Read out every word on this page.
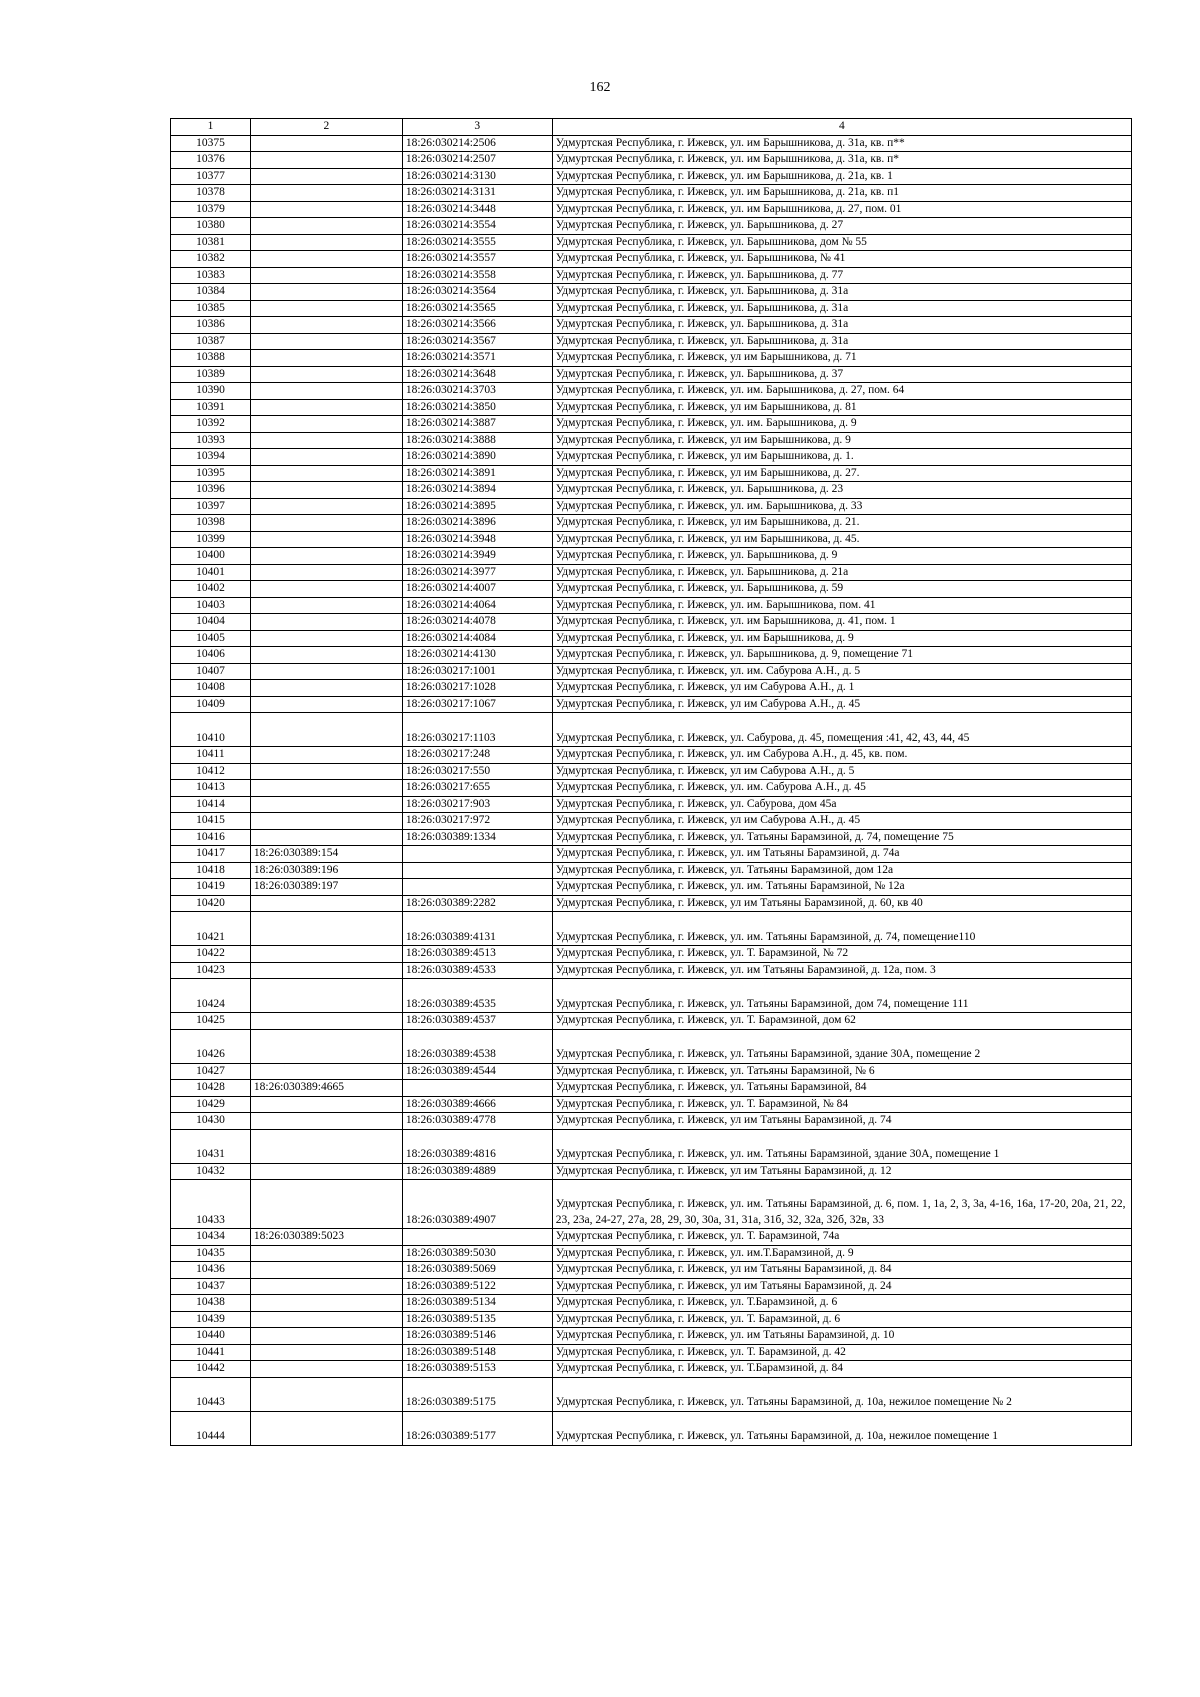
162
1	2	3	4
10375		18:26:030214:2506	Удмуртская Республика, г. Ижевск, ул. им Барышникова, д. 31а, кв. п**
10376		18:26:030214:2507	Удмуртская Республика, г. Ижевск, ул. им Барышникова, д. 31а, кв. п*
10377		18:26:030214:3130	Удмуртская Республика, г. Ижевск, ул. им Барышникова, д. 21а, кв. 1
10378		18:26:030214:3131	Удмуртская Республика, г. Ижевск, ул. им Барышникова, д. 21а, кв. п1
10379		18:26:030214:3448	Удмуртская Республика, г. Ижевск, ул. им Барышникова, д. 27, пом. 01
10380		18:26:030214:3554	Удмуртская Республика, г. Ижевск, ул. Барышникова, д. 27
10381		18:26:030214:3555	Удмуртская Республика, г. Ижевск, ул. Барышникова, дом № 55
10382		18:26:030214:3557	Удмуртская Республика, г. Ижевск, ул. Барышникова, № 41
10383		18:26:030214:3558	Удмуртская Республика, г. Ижевск, ул. Барышникова, д. 77
10384		18:26:030214:3564	Удмуртская Республика, г. Ижевск, ул. Барышникова, д. 31а
10385		18:26:030214:3565	Удмуртская Республика, г. Ижевск, ул. Барышникова, д. 31а
10386		18:26:030214:3566	Удмуртская Республика, г. Ижевск, ул. Барышникова, д. 31а
10387		18:26:030214:3567	Удмуртская Республика, г. Ижевск, ул. Барышникова, д. 31а
10388		18:26:030214:3571	Удмуртская Республика, г. Ижевск, ул им Барышникова, д. 71
10389		18:26:030214:3648	Удмуртская Республика, г. Ижевск, ул. Барышникова, д. 37
10390		18:26:030214:3703	Удмуртская Республика, г. Ижевск, ул. им. Барышникова, д. 27, пом. 64
10391		18:26:030214:3850	Удмуртская Республика, г. Ижевск, ул им Барышникова, д. 81
10392		18:26:030214:3887	Удмуртская Республика, г. Ижевск, ул. им. Барышникова, д. 9
10393		18:26:030214:3888	Удмуртская Республика, г. Ижевск, ул им Барышникова, д. 9
10394		18:26:030214:3890	Удмуртская Республика, г. Ижевск, ул им Барышникова, д. 1.
10395		18:26:030214:3891	Удмуртская Республика, г. Ижевск, ул им Барышникова, д. 27.
10396		18:26:030214:3894	Удмуртская Республика, г. Ижевск, ул. Барышникова, д. 23
10397		18:26:030214:3895	Удмуртская Республика, г. Ижевск, ул. им. Барышникова, д. 33
10398		18:26:030214:3896	Удмуртская Республика, г. Ижевск, ул им Барышникова, д. 21.
10399		18:26:030214:3948	Удмуртская Республика, г. Ижевск, ул им Барышникова, д. 45.
10400		18:26:030214:3949	Удмуртская Республика, г. Ижевск, ул. Барышникова, д. 9
10401		18:26:030214:3977	Удмуртская Республика, г. Ижевск, ул. Барышникова, д. 21а
10402		18:26:030214:4007	Удмуртская Республика, г. Ижевск, ул. Барышникова, д. 59
10403		18:26:030214:4064	Удмуртская Республика, г. Ижевск, ул. им. Барышникова, пом. 41
10404		18:26:030214:4078	Удмуртская Республика, г. Ижевск, ул. им Барышникова, д. 41, пом. 1
10405		18:26:030214:4084	Удмуртская Республика, г. Ижевск, ул. им Барышникова, д. 9
10406		18:26:030214:4130	Удмуртская Республика, г. Ижевск, ул. Барышникова, д. 9, помещение 71
10407		18:26:030217:1001	Удмуртская Республика, г. Ижевск, ул. им. Сабурова А.Н., д. 5
10408		18:26:030217:1028	Удмуртская Республика, г. Ижевск, ул им Сабурова А.Н., д. 1
10409		18:26:030217:1067	Удмуртская Республика, г. Ижевск, ул им Сабурова А.Н., д. 45
10410		18:26:030217:1103	Удмуртская Республика, г. Ижевск, ул. Сабурова, д. 45, помещения :41, 42, 43, 44, 45
10411		18:26:030217:248	Удмуртская Республика, г. Ижевск, ул. им Сабурова А.Н., д. 45, кв. пом.
10412		18:26:030217:550	Удмуртская Республика, г. Ижевск, ул им Сабурова А.Н., д. 5
10413		18:26:030217:655	Удмуртская Республика, г. Ижевск, ул. им. Сабурова А.Н., д. 45
10414		18:26:030217:903	Удмуртская Республика, г. Ижевск, ул. Сабурова, дом 45а
10415		18:26:030217:972	Удмуртская Республика, г. Ижевск, ул им Сабурова А.Н., д. 45
10416		18:26:030389:1334	Удмуртская Республика, г. Ижевск, ул. Татьяны Барамзиной, д. 74, помещение 75
10417	18:26:030389:154		Удмуртская Республика, г. Ижевск, ул. им Татьяны Барамзиной, д. 74а
10418	18:26:030389:196		Удмуртская Республика, г. Ижевск, ул. Татьяны Барамзиной, дом 12а
10419	18:26:030389:197		Удмуртская Республика, г. Ижевск, ул. им. Татьяны Барамзиной, № 12а
10420		18:26:030389:2282	Удмуртская Республика, г. Ижевск, ул им Татьяны Барамзиной, д. 60, кв 40
10421		18:26:030389:4131	Удмуртская Республика, г. Ижевск, ул. им. Татьяны Барамзиной, д. 74, помещение110
10422		18:26:030389:4513	Удмуртская Республика, г. Ижевск, ул. Т. Барамзиной, № 72
10423		18:26:030389:4533	Удмуртская Республика, г. Ижевск, ул. им Татьяны Барамзиной, д. 12а, пом. 3
10424		18:26:030389:4535	Удмуртская Республика, г. Ижевск, ул. Татьяны Барамзиной, дом 74, помещение 111
10425		18:26:030389:4537	Удмуртская Республика, г. Ижевск, ул. Т. Барамзиной, дом 62
10426		18:26:030389:4538	Удмуртская Республика, г. Ижевск, ул. Татьяны Барамзиной, здание 30А, помещение 2
10427		18:26:030389:4544	Удмуртская Республика, г. Ижевск, ул. Татьяны Барамзиной, № 6
10428	18:26:030389:4665		Удмуртская Республика, г. Ижевск, ул. Татьяны Барамзиной, 84
10429		18:26:030389:4666	Удмуртская Республика, г. Ижевск, ул. Т. Барамзиной, № 84
10430		18:26:030389:4778	Удмуртская Республика, г. Ижевск, ул им Татьяны Барамзиной, д. 74
10431		18:26:030389:4816	Удмуртская Республика, г. Ижевск, ул. им. Татьяны Барамзиной, здание 30А, помещение 1
10432		18:26:030389:4889	Удмуртская Республика, г. Ижевск, ул им Татьяны Барамзиной, д. 12
10433		18:26:030389:4907	Удмуртская Республика, г. Ижевск, ул. им. Татьяны Барамзиной, д. 6, пом. 1, 1а, 2, 3, 3а, 4-16, 16а, 17-20, 20а, 21, 22, 23, 23а, 24-27, 27а, 28, 29, 30, 30а, 31, 31а, 31б, 32, 32а, 32б, 32в, 33
10434	18:26:030389:5023		Удмуртская Республика, г. Ижевск, ул. Т. Барамзиной, 74а
10435		18:26:030389:5030	Удмуртская Республика, г. Ижевск, ул. им.Т.Барамзиной, д. 9
10436		18:26:030389:5069	Удмуртская Республика, г. Ижевск, ул им Татьяны Барамзиной, д. 84
10437		18:26:030389:5122	Удмуртская Республика, г. Ижевск, ул им Татьяны Барамзиной, д. 24
10438		18:26:030389:5134	Удмуртская Республика, г. Ижевск, ул. Т.Барамзиной, д. 6
10439		18:26:030389:5135	Удмуртская Республика, г. Ижевск, ул. Т. Барамзиной, д. 6
10440		18:26:030389:5146	Удмуртская Республика, г. Ижевск, ул. им Татьяны Барамзиной, д. 10
10441		18:26:030389:5148	Удмуртская Республика, г. Ижевск, ул. Т. Барамзиной, д. 42
10442		18:26:030389:5153	Удмуртская Республика, г. Ижевск, ул. Т.Барамзиной, д. 84
10443		18:26:030389:5175	Удмуртская Республика, г. Ижевск, ул. Татьяны Барамзиной, д. 10а, нежилое помещение № 2
10444		18:26:030389:5177	Удмуртская Республика, г. Ижевск, ул. Татьяны Барамзиной, д. 10а, нежилое помещение 1
